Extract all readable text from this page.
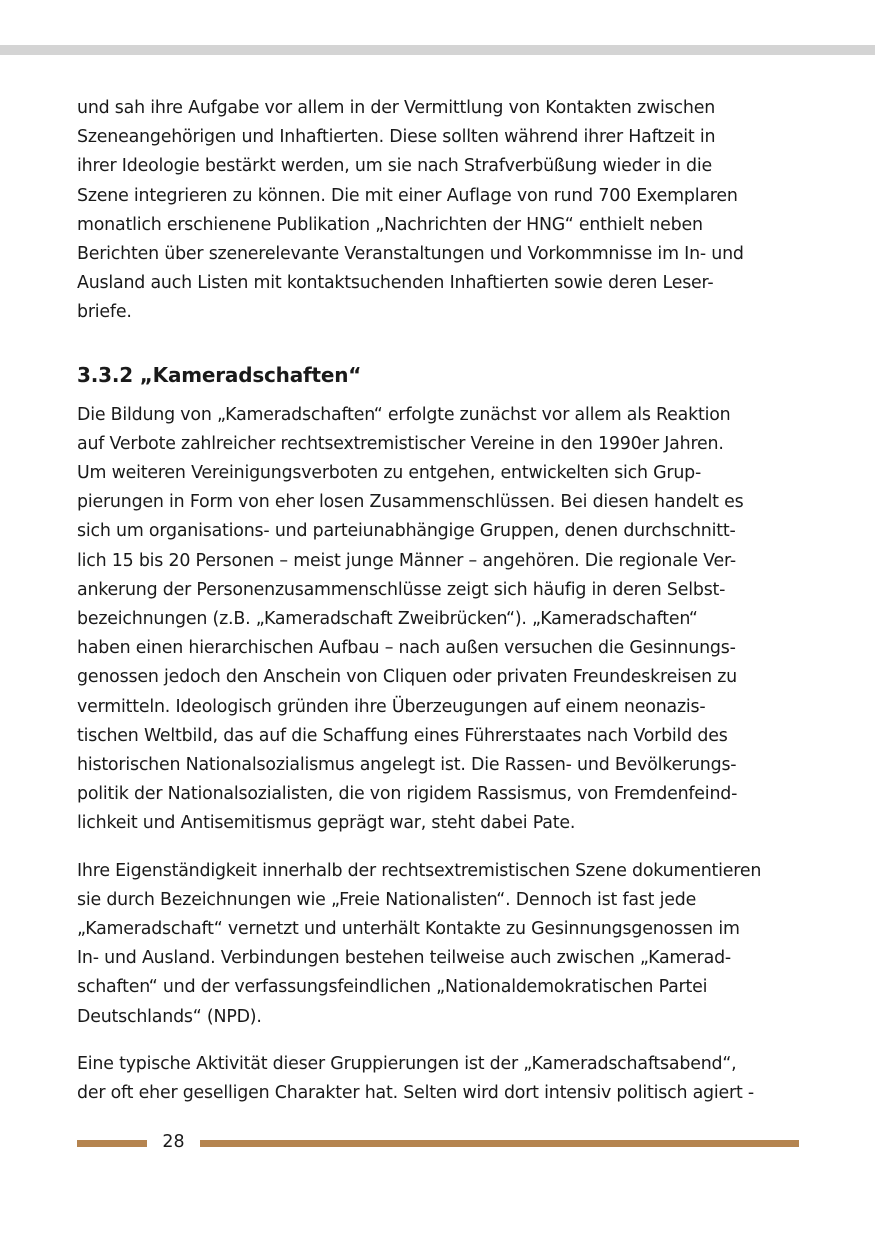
und sah ihre Aufgabe vor allem in der Vermittlung von Kontakten zwischen
Szeneangehörigen und Inhaftierten. Diese sollten während ihrer Haftzeit in
ihrer Ideologie bestärkt werden, um sie nach Strafverbüßung wieder in die
Szene integrieren zu können. Die mit einer Auflage von rund 700 Exemplaren
monatlich erschienene Publikation „Nachrichten der HNG“ enthielt neben
Berichten über szenerelevante Veranstaltungen und Vorkommnisse im In- und
Ausland auch Listen mit kontaktsuchenden Inhaftierten sowie deren Leser-
briefe.

3.3.2 „Kameradschaften“

Die Bildung von „Kameradschaften“ erfolgte zunächst vor allem als Reaktion
auf Verbote zahlreicher rechtsextremistischer Vereine in den 1990er Jahren.
Um weiteren Vereinigungsverboten zu entgehen, entwickelten sich Grup-
pierungen in Form von eher losen Zusammenschlüssen. Bei diesen handelt es
sich um organisations- und parteiunabhängige Gruppen, denen durchschnitt-
lich 15 bis 20 Personen – meist junge Männer – angehören. Die regionale Ver-
ankerung der Personenzusammenschlüsse zeigt sich häufig in deren Selbst-
bezeichnungen (z.B. „Kameradschaft Zweibrücken“). „Kameradschaften“
haben einen hierarchischen Aufbau – nach außen versuchen die Gesinnungs-
genossen jedoch den Anschein von Cliquen oder privaten Freundeskreisen zu
vermitteln. Ideologisch gründen ihre Überzeugungen auf einem neonazis-
tischen Weltbild, das auf die Schaffung eines Führerstaates nach Vorbild des
historischen Nationalsozialismus angelegt ist. Die Rassen- und Bevölkerungs-
politik der Nationalsozialisten, die von rigidem Rassismus, von Fremdenfeind-
lichkeit und Antisemitismus geprägt war, steht dabei Pate.

Ihre Eigenständigkeit innerhalb der rechtsextremistischen Szene dokumentieren
sie durch Bezeichnungen wie „Freie Nationalisten“. Dennoch ist fast jede
„Kameradschaft“ vernetzt und unterhält Kontakte zu Gesinnungsgenossen im
In- und Ausland. Verbindungen bestehen teilweise auch zwischen „Kamerad-
schaften“ und der verfassungsfeindlichen „Nationaldemokratischen Partei
Deutschlands“ (NPD).

Eine typische Aktivität dieser Gruppierungen ist der „Kameradschaftsabend“,
der oft eher geselligen Charakter hat. Selten wird dort intensiv politisch agiert -

28
